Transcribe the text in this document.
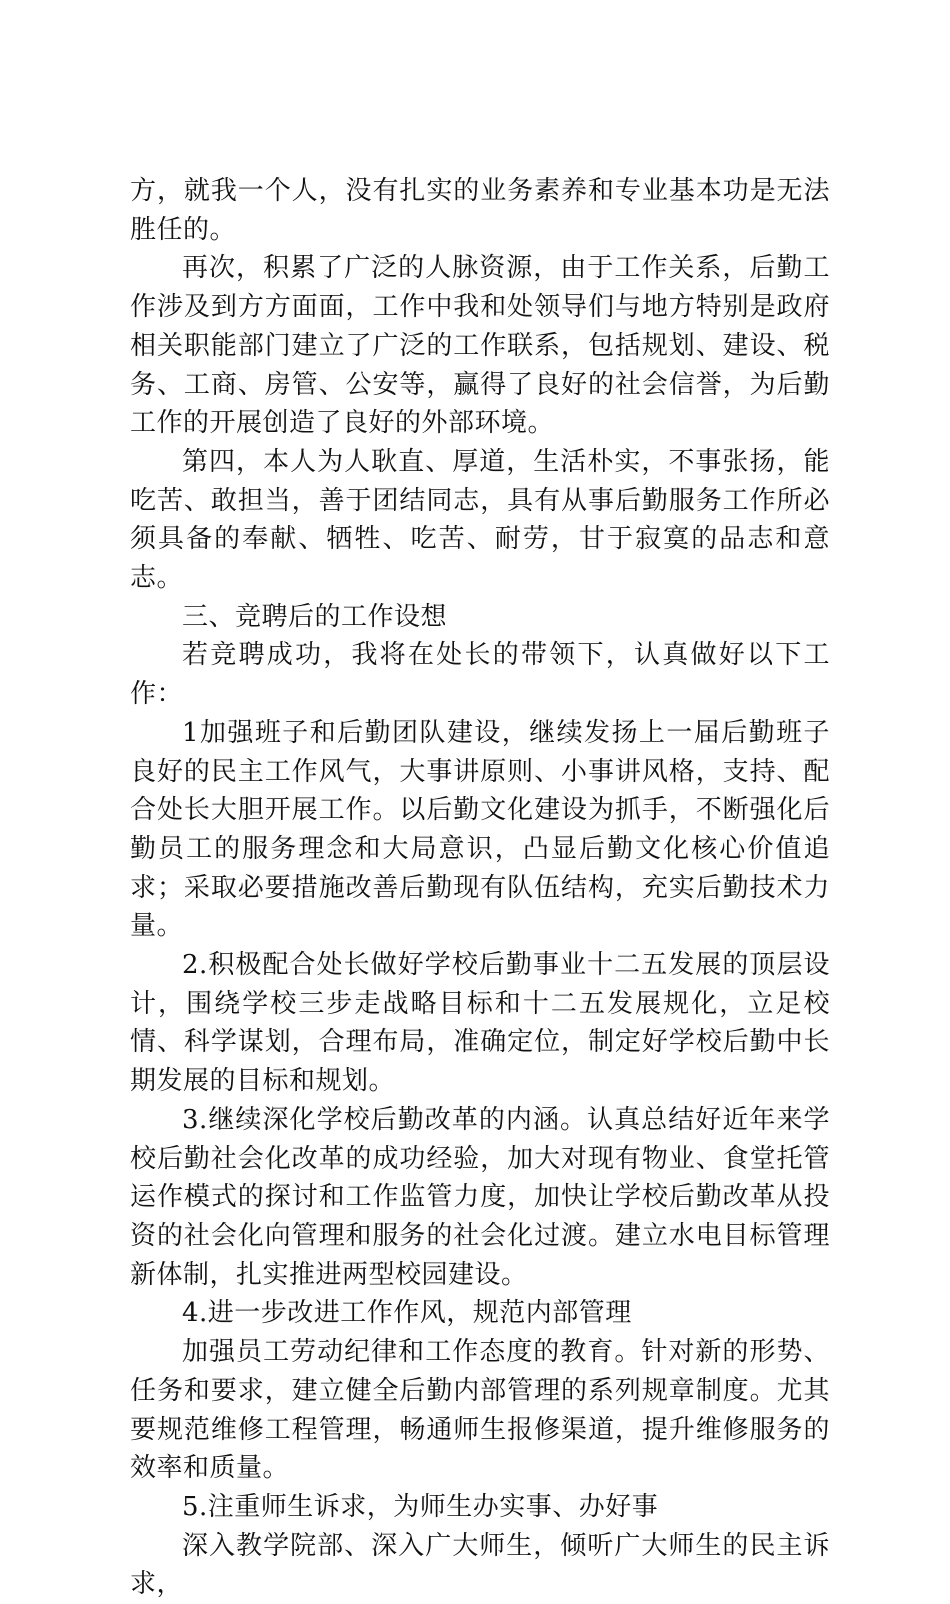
方，就我一个人，没有扎实的业务素养和专业基本功是无法胜任的。

再次，积累了广泛的人脉资源，由于工作关系，后勤工作涉及到方方面面，工作中我和处领导们与地方特别是政府相关职能部门建立了广泛的工作联系，包括规划、建设、税务、工商、房管、公安等，赢得了良好的社会信誉，为后勤工作的开展创造了良好的外部环境。

第四，本人为人耿直、厚道，生活朴实，不事张扬，能吃苦、敢担当，善于团结同志，具有从事后勤服务工作所必须具备的奉献、牺牲、吃苦、耐劳，甘于寂寞的品志和意志。

三、竞聘后的工作设想

若竞聘成功，我将在处长的带领下，认真做好以下工作：

1加强班子和后勤团队建设，继续发扬上一届后勤班子良好的民主工作风气，大事讲原则、小事讲风格，支持、配合处长大胆开展工作。以后勤文化建设为抓手，不断强化后勤员工的服务理念和大局意识，凸显后勤文化核心价值追求；采取必要措施改善后勤现有队伍结构，充实后勤技术力量。

2.积极配合处长做好学校后勤事业十二五发展的顶层设计，围绕学校三步走战略目标和十二五发展规化，立足校情、科学谋划，合理布局，准确定位，制定好学校后勤中长期发展的目标和规划。

3.继续深化学校后勤改革的内涵。认真总结好近年来学校后勤社会化改革的成功经验，加大对现有物业、食堂托管运作模式的探讨和工作监管力度，加快让学校后勤改革从投资的社会化向管理和服务的社会化过渡。建立水电目标管理新体制，扎实推进两型校园建设。

4.进一步改进工作作风，规范内部管理

加强员工劳动纪律和工作态度的教育。针对新的形势、任务和要求，建立健全后勤内部管理的系列规章制度。尤其要规范维修工程管理，畅通师生报修渠道，提升维修服务的效率和质量。

5.注重师生诉求，为师生办实事、办好事

深入教学院部、深入广大师生，倾听广大师生的民主诉求，
